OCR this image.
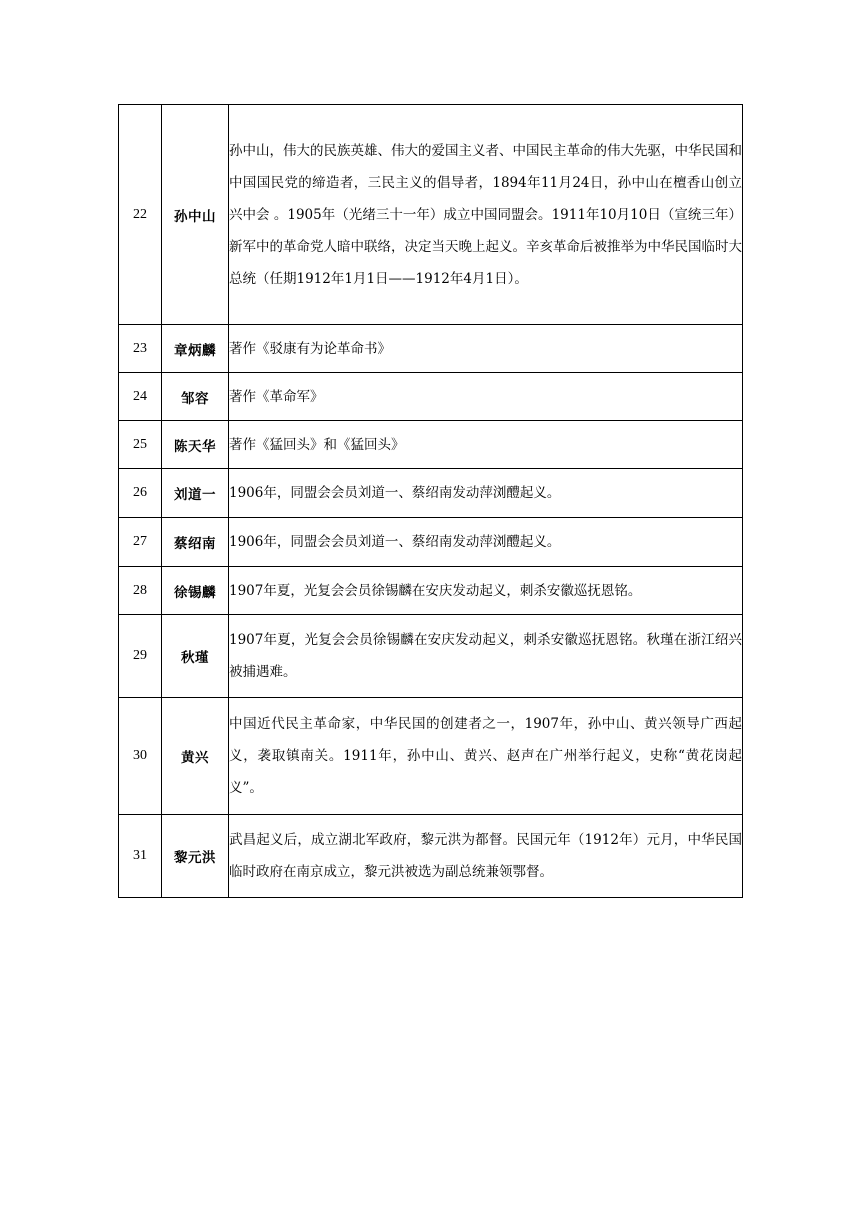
22	孙中山	孙中山，伟大的民族英雄、伟大的爱国主义者、中国民主革命的伟大先驱，中华民国和中国国民党的缔造者，三民主义的倡导者，1894年11月24日，孙中山在檀香山创立兴中会 。1905年（光绪三十一年）成立中国同盟会。1911年10月10日（宣统三年）新军中的革命党人暗中联络，决定当天晚上起义。辛亥革命后被推举为中华民国临时大总统（任期1912年1月1日——1912年4月1日）。
23	章炳麟	著作《驳康有为论革命书》
24	邹容	著作《革命军》
25	陈天华	著作《猛回头》和《猛回头》
26	刘道一	1906年，同盟会会员刘道一、蔡绍南发动萍浏醴起义。
27	蔡绍南	1906年，同盟会会员刘道一、蔡绍南发动萍浏醴起义。
28	徐锡麟	1907年夏，光复会会员徐锡麟在安庆发动起义，刺杀安徽巡抚恩铭。
29	秋瑾	1907年夏，光复会会员徐锡麟在安庆发动起义，刺杀安徽巡抚恩铭。秋瑾在浙江绍兴被捕遇难。
30	黄兴	中国近代民主革命家，中华民国的创建者之一，1907年，孙中山、黄兴领导广西起义，袭取镇南关。1911年，孙中山、黄兴、赵声在广州举行起义，史称“黄花岗起义”。
31	黎元洪	武昌起义后，成立湖北军政府，黎元洪为都督。民国元年（1912年）元月，中华民国临时政府在南京成立，黎元洪被选为副总统兼领鄂督。
